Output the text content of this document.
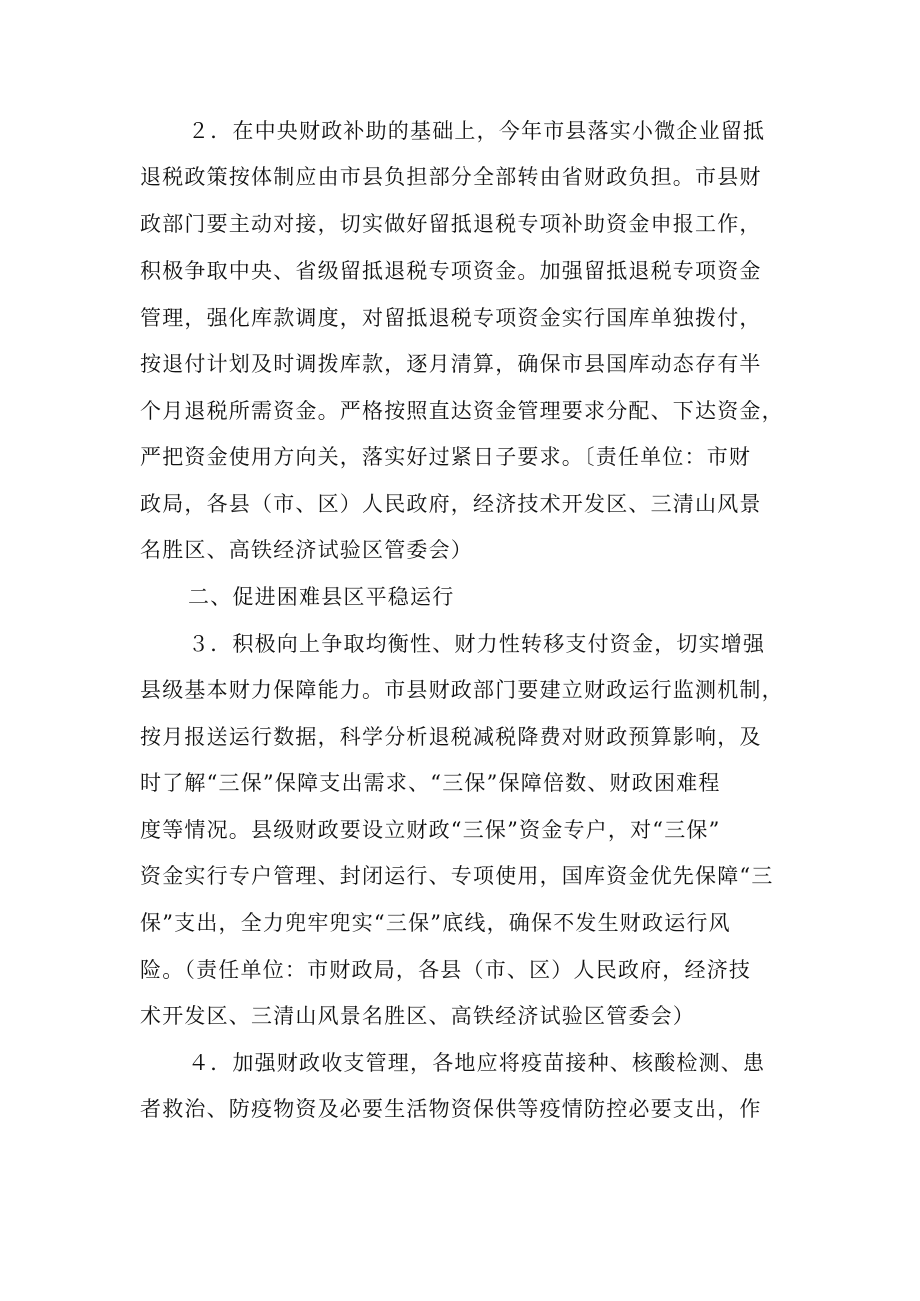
２．在中央财政补助的基础上，今年市县落实小微企业留抵
退税政策按体制应由市县负担部分全部转由省财政负担。市县财
政部门要主动对接，切实做好留抵退税专项补助资金申报工作，
积极争取中央、省级留抵退税专项资金。加强留抵退税专项资金
管理，强化库款调度，对留抵退税专项资金实行国库单独拨付，
按退付计划及时调拨库款，逐月清算，确保市县国库动态存有半
个月退税所需资金。严格按照直达资金管理要求分配、下达资金，
严把资金使用方向关，落实好过紧日子要求。〔责任单位：市财
政局，各县（市、区）人民政府，经济技术开发区、三清山风景
名胜区、高铁经济试验区管委会）
二、促进困难县区平稳运行
３．积极向上争取均衡性、财力性转移支付资金，切实增强
县级基本财力保障能力。市县财政部门要建立财政运行监测机制，
按月报送运行数据，科学分析退税减税降费对财政预算影响，及
时了解“三保”保障支出需求、“三保”保障倍数、财政困难程
度等情况。县级财政要设立财政“三保”资金专户，对“三保”
资金实行专户管理、封闭运行、专项使用，国库资金优先保障“三
保”支出，全力兜牢兜实“三保”底线，确保不发生财政运行风
险。（责任单位：市财政局，各县（市、区）人民政府，经济技
术开发区、三清山风景名胜区、高铁经济试验区管委会）
４．加强财政收支管理，各地应将疫苗接种、核酸检测、患
者救治、防疫物资及必要生活物资保供等疫情防控必要支出，作
